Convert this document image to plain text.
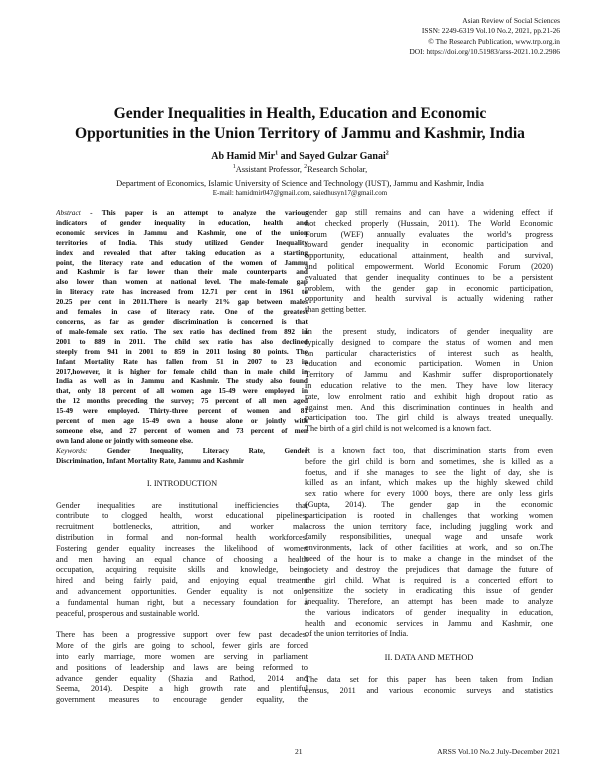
Asian Review of Social Sciences
ISSN: 2249-6319 Vol.10 No.2, 2021, pp.21-26
© The Research Publication, www.trp.org.in
DOI: https://doi.org/10.51983/arss-2021.10.2.2986
Gender Inequalities in Health, Education and Economic
Opportunities in the Union Territory of Jammu and Kashmir, India
Ab Hamid Mir$^1$ and Sayed Gulzar Ganai$^2$
$^1$Assistant Professor, $^2$Research Scholar,
Department of Economics, Islamic University of Science and Technology (IUST), Jammu and Kashmir, India
E-mail: hamidmir047@gmail.com, saiedhusyn17@gmail.com
Abstract - This paper is an attempt to analyze the various
indicators of gender inequality in education, health and
economic services in Jammu and Kashmir, one of the union
territories of India. This study utilized Gender Inequality
index and revealed that after taking education as a starting
point, the literacy rate and education of the women of Jammu
and Kashmir is far lower than their male counterparts and
also lower than women at national level. The male-female gap
in literacy rate has increased from 12.71 per cent in 1961 to
20.25 per cent in 2011.There is nearly 21% gap between males
and females in case of literacy rate. One of the greatest
concerns, as far as gender discrimination is concerned is that
of male-female sex ratio. The sex ratio has declined from 892 in
2001 to 889 in 2011. The child sex ratio has also declined
steeply from 941 in 2001 to 859 in 2011 losing 80 points. The
Infant Mortality Rate has fallen from 51 in 2007 to 23 in
2017,however, it is higher for female child than in male child in
India as well as in Jammu and Kashmir. The study also found
that, only 18 percent of all women age 15-49 were employed in
the 12 months preceding the survey; 75 percent of all men aged
15-49 were employed. Thirty-three percent of women and 81
percent of men age 15-49 own a house alone or jointly with
someone else, and 27 percent of women and 73 percent of men
own land alone or jointly with someone else.
Keywords: Gender Inequality, Literacy Rate, Gender
Discrimination, Infant Mortality Rate, Jammu and Kashmir
I. INTRODUCTION
Gender inequalities are institutional inefficiencies that
contribute to clogged health, worst educational pipelines,
recruitment bottlenecks, attrition, and worker mal-
distribution in formal and non-formal health workforces.
Fostering gender equality increases the likelihood of women
and men having an equal chance of choosing a health
occupation, acquiring requisite skills and knowledge, being
hired and being fairly paid, and enjoying equal treatment
and advancement opportunities. Gender equality is not only
a fundamental human right, but a necessary foundation for a
peaceful, prosperous and sustainable world.
There has been a progressive support over few past decades.
More of the girls are going to school, fewer girls are forced
into early marriage, more women are serving in parliament
and positions of leadership and laws are being reformed to
advance gender equality (Shazia and Rathod, 2014 and
Seema, 2014). Despite a high growth rate and plentiful
government measures to encourage gender equality, the
gender gap still remains and can have a widening effect if
not checked properly (Hussain, 2011). The World Economic
Forum (WEF) annually evaluates the world’s progress
toward gender inequality in economic participation and
opportunity, educational attainment, health and survival,
and political empowerment. World Economic Forum (2020)
evaluated that gender inequality continues to be a persistent
problem, with the gender gap in economic participation,
opportunity and health survival is actually widening rather
than getting better.
In the present study, indicators of gender inequality are
typically designed to compare the status of women and men
on particular characteristics of interest such as health,
education and economic participation. Women in Union
Territory of Jammu and Kashmir suffer disproportionately
in education relative to the men. They have low literacy
rate, low enrolment ratio and exhibit high dropout ratio as
against men. And this discrimination continues in health and
participation too. The girl child is always treated unequally.
The birth of a girl child is not welcomed is a known fact.
It is a known fact too, that discrimination starts from even
before the girl child is born and sometimes, she is killed as a
foetus, and if she manages to see the light of day, she is
killed as an infant, which makes up the highly skewed child
sex ratio where for every 1000 boys, there are only less girls
(Gupta, 2014). The gender gap in the economic
participation is rooted in challenges that working women
across the union territory face, including juggling work and
family responsibilities, unequal wage and unsafe work
environments, lack of other facilities at work, and so on.The
need of the hour is to make a change in the mindset of the
society and destroy the prejudices that damage the future of
the girl child. What is required is a concerted effort to
sensitize the society in eradicating this issue of gender
inequality. Therefore, an attempt has been made to analyze
the various indicators of gender inequality in education,
health and economic services in Jammu and Kashmir, one
of the union territories of India.
II. DATA AND METHOD
The data set for this paper has been taken from Indian
census, 2011 and various economic surveys and statistics
21	ARSS Vol.10 No.2 July-December 2021
